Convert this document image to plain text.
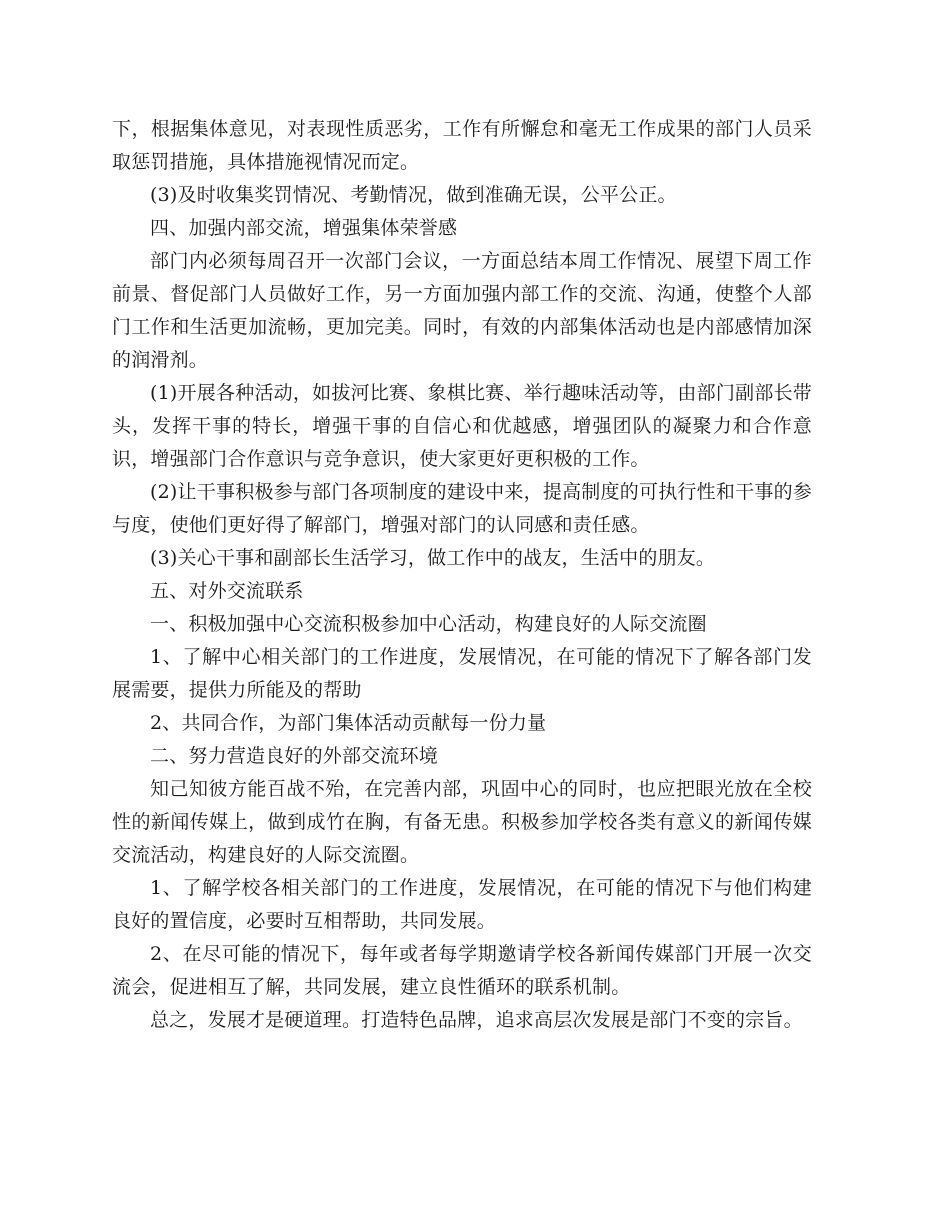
下，根据集体意见，对表现性质恶劣，工作有所懈怠和毫无工作成果的部门人员采取惩罚措施，具体措施视情况而定。

(3)及时收集奖罚情况、考勤情况，做到准确无误，公平公正。

四、加强内部交流，增强集体荣誉感

部门内必须每周召开一次部门会议，一方面总结本周工作情况、展望下周工作前景、督促部门人员做好工作，另一方面加强内部工作的交流、沟通，使整个人部门工作和生活更加流畅，更加完美。同时，有效的内部集体活动也是内部感情加深的润滑剂。

(1)开展各种活动，如拔河比赛、象棋比赛、举行趣味活动等，由部门副部长带头，发挥干事的特长，增强干事的自信心和优越感，增强团队的凝聚力和合作意识，增强部门合作意识与竞争意识，使大家更好更积极的工作。

(2)让干事积极参与部门各项制度的建设中来，提高制度的可执行性和干事的参与度，使他们更好得了解部门，增强对部门的认同感和责任感。

(3)关心干事和副部长生活学习，做工作中的战友，生活中的朋友。

五、对外交流联系

一、积极加强中心交流积极参加中心活动，构建良好的人际交流圈

1、了解中心相关部门的工作进度，发展情况，在可能的情况下了解各部门发展需要，提供力所能及的帮助

2、共同合作，为部门集体活动贡献每一份力量

二、努力营造良好的外部交流环境

知己知彼方能百战不殆，在完善内部，巩固中心的同时，也应把眼光放在全校性的新闻传媒上，做到成竹在胸，有备无患。积极参加学校各类有意义的新闻传媒交流活动，构建良好的人际交流圈。

1、了解学校各相关部门的工作进度，发展情况，在可能的情况下与他们构建良好的置信度，必要时互相帮助，共同发展。

2、在尽可能的情况下，每年或者每学期邀请学校各新闻传媒部门开展一次交流会，促进相互了解，共同发展，建立良性循环的联系机制。

总之，发展才是硬道理。打造特色品牌，追求高层次发展是部门不变的宗旨。
